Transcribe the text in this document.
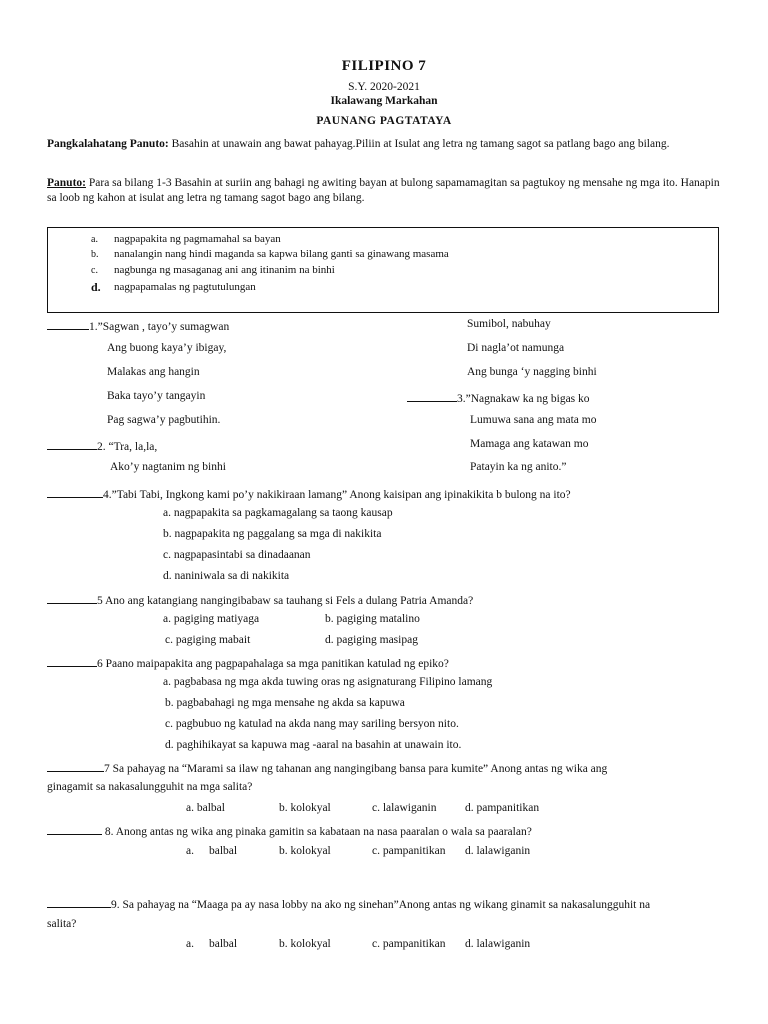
FILIPINO 7
S.Y. 2020-2021
Ikalawang Markahan
PAUNANG PAGTATAYA
Pangkalahatang Panuto: Basahin at unawain ang bawat pahayag.Piliin at Isulat ang letra ng tamang sagot sa patlang bago ang bilang.
Panuto: Para sa bilang 1-3 Basahin at suriin ang bahagi ng awiting bayan at bulong sapamamagitan sa pagtukoy ng mensahe ng mga ito. Hanapin sa loob ng kahon at isulat ang letra ng tamang sagot bago ang bilang.
a. nagpapakita ng pagmamahal sa bayan
b. nanalangin nang hindi maganda sa kapwa bilang ganti sa ginawang masama
c. nagbunga ng masaganag ani ang itinanim na binhi
d. nagpapamalas ng pagtutulungan
1.”Sagwan , tayo’y sumagwan
Ang buong kaya’y ibigay,
Malakas ang hangin
Baka tayo’y tangayin
Pag sagwa’y pagbutihin.
2. “Tra, la,la,
Ako’y nagtanim ng binhi
Sumibol, nabuhay
Di nagla’ot namunga
Ang bunga ‘y nagging binhi
3.”Nagnakaw ka ng bigas ko
Lumuwa sana ang mata mo
Mamaga ang katawan mo
Patayin ka ng anito.”
4.”Tabi Tabi, Ingkong kami po’y nakikiraan lamang” Anong kaisipan ang ipinakikita b bulong na ito?
a. nagpapakita sa pagkamagalang sa taong kausap
b. nagpapakita ng paggalang sa mga di nakikita
c. nagpapasintabi sa dinadaanan
d. naniniwala sa di nakikita
5 Ano ang katangiang nangingibabaw sa tauhang si Fels a dulang Patria Amanda?
a. pagiging matiyaga	b. pagiging matalino
c. pagiging mabait	d. pagiging masipag
6 Paano maipapakita ang pagpapahalaga sa mga panitikan katulad ng epiko?
a. pagbabasa ng mga akda tuwing oras ng asignaturang Filipino lamang
b. pagbabahagi ng mga mensahe ng akda sa kapuwa
c. pagbubuo ng katulad na akda nang may sariling bersyon nito.
d. paghihikayat sa kapuwa mag -aaral na basahin at unawain ito.
7 Sa pahayag na “Marami sa ilaw ng tahanan ang nangingibang bansa para kumite” Anong antas ng wika ang
ginagamit sa nakasalungguhit na mga salita?
a. balbal	b. kolokyal	c. lalawiganin d. pampanitikan
8. Anong antas ng wika ang pinaka gamitin sa kabataan na nasa paaralan o wala sa paaralan?
a. balbal	b. kolokyal	c. pampanitikan d. lalawiganin
9. Sa pahayag na “Maaga pa ay nasa lobby na ako ng sinehan”Anong antas ng wikang ginamit sa nakasalungguhit na
salita?
a. balbal	b. kolokyal	c. pampanitikan d. lalawiganin
